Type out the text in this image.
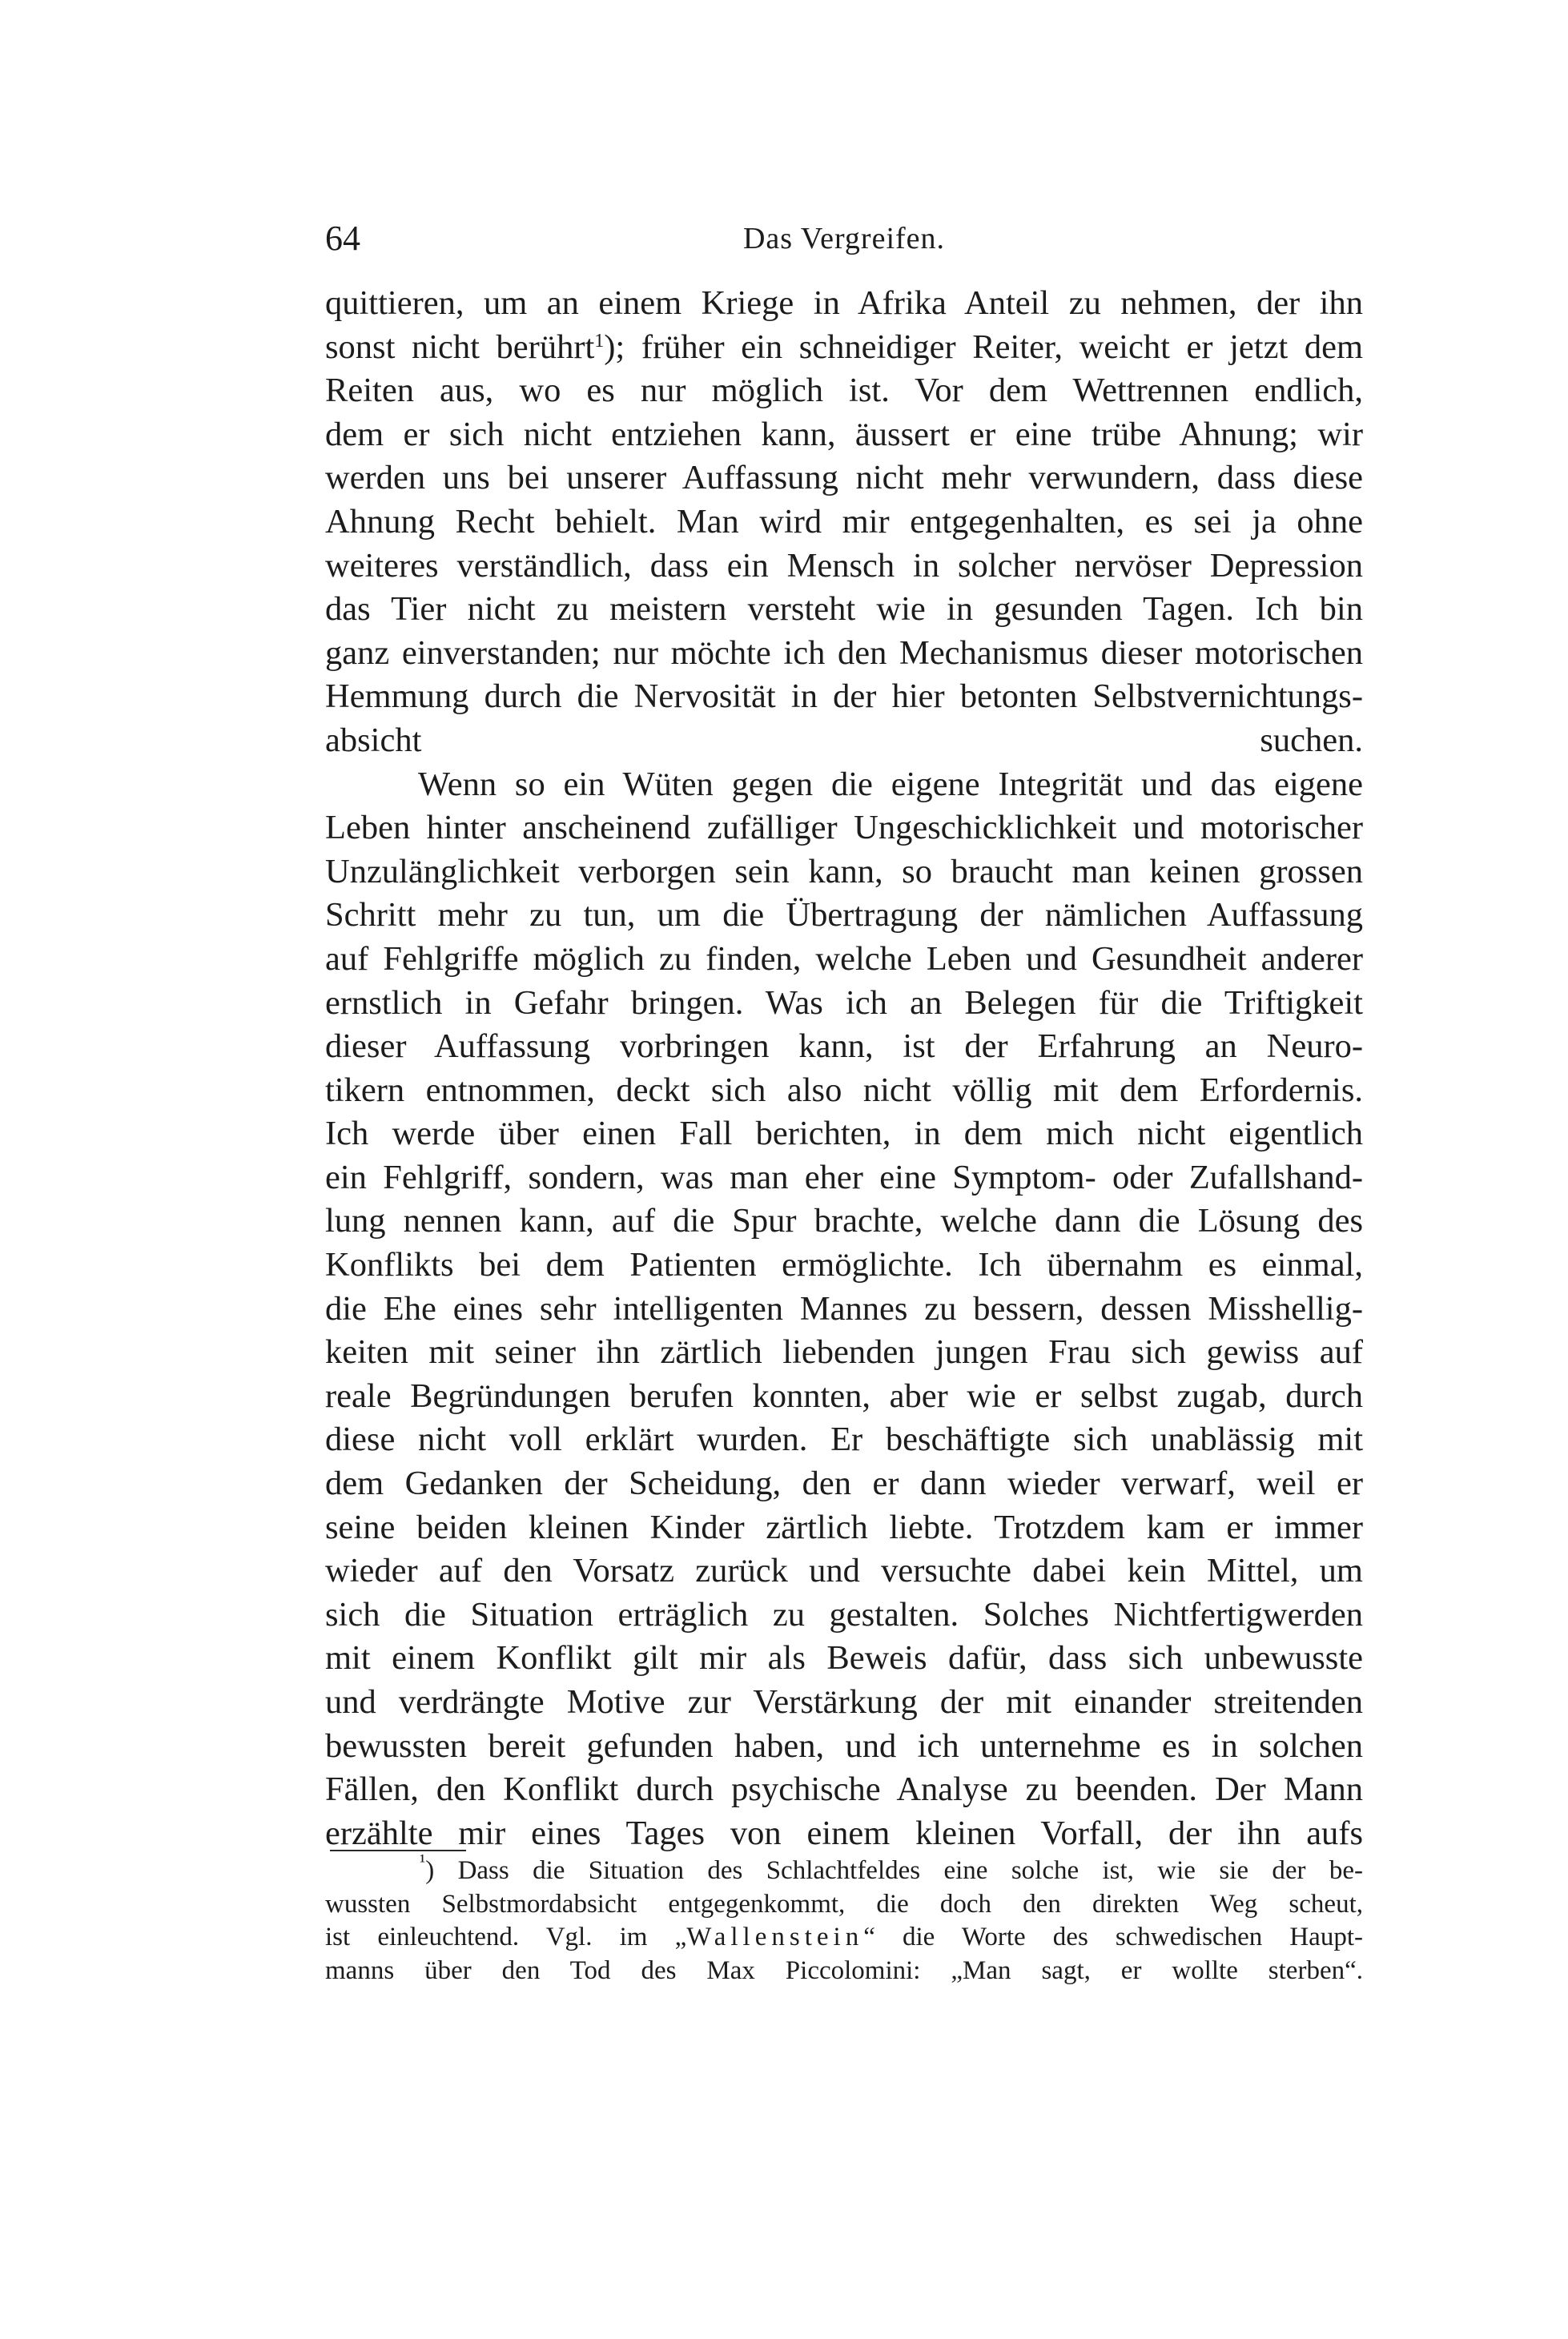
64	Das Vergreifen.
quittieren, um an einem Kriege in Afrika Anteil zu nehmen, der ihn
sonst nicht berührt$^1$); früher ein schneidiger Reiter, weicht er jetzt dem
Reiten aus, wo es nur möglich ist. Vor dem Wettrennen endlich,
dem er sich nicht entziehen kann, äussert er eine trübe Ahnung; wir
werden uns bei unserer Auffassung nicht mehr verwundern, dass diese
Ahnung Recht behielt. Man wird mir entgegenhalten, es sei ja ohne
weiteres verständlich, dass ein Mensch in solcher nervöser Depression
das Tier nicht zu meistern versteht wie in gesunden Tagen. Ich bin
ganz einverstanden; nur möchte ich den Mechanismus dieser motorischen
Hemmung durch die Nervosität in der hier betonten Selbstvernichtungs-
absicht suchen.
Wenn so ein Wüten gegen die eigene Integrität und das eigene
Leben hinter anscheinend zufälliger Ungeschicklichkeit und motorischer
Unzulänglichkeit verborgen sein kann, so braucht man keinen grossen
Schritt mehr zu tun, um die Übertragung der nämlichen Auffassung
auf Fehlgriffe möglich zu finden, welche Leben und Gesundheit anderer
ernstlich in Gefahr bringen. Was ich an Belegen für die Triftigkeit
dieser Auffassung vorbringen kann, ist der Erfahrung an Neuro-
tikern entnommen, deckt sich also nicht völlig mit dem Erfordernis.
Ich werde über einen Fall berichten, in dem mich nicht eigentlich
ein Fehlgriff, sondern, was man eher eine Symptom- oder Zufallshand-
lung nennen kann, auf die Spur brachte, welche dann die Lösung des
Konflikts bei dem Patienten ermöglichte. Ich übernahm es einmal,
die Ehe eines sehr intelligenten Mannes zu bessern, dessen Misshellig-
keiten mit seiner ihn zärtlich liebenden jungen Frau sich gewiss auf
reale Begründungen berufen konnten, aber wie er selbst zugab, durch
diese nicht voll erklärt wurden. Er beschäftigte sich unablässig mit
dem Gedanken der Scheidung, den er dann wieder verwarf, weil er
seine beiden kleinen Kinder zärtlich liebte. Trotzdem kam er immer
wieder auf den Vorsatz zurück und versuchte dabei kein Mittel, um
sich die Situation erträglich zu gestalten. Solches Nichtfertigwerden
mit einem Konflikt gilt mir als Beweis dafür, dass sich unbewusste
und verdrängte Motive zur Verstärkung der mit einander streitenden
bewussten bereit gefunden haben, und ich unternehme es in solchen
Fällen, den Konflikt durch psychische Analyse zu beenden. Der Mann
erzählte mir eines Tages von einem kleinen Vorfall, der ihn aufs
$^{^1}$) Dass die Situation des Schlachtfeldes eine solche ist, wie sie der be-
wussten Selbstmordabsicht entgegenkommt, die doch den direkten Weg scheut,
ist einleuchtend. Vgl. im „Wallenstein“ die Worte des schwedischen Haupt-
manns über den Tod des Max Piccolomini: „Man sagt, er wollte sterben“.
